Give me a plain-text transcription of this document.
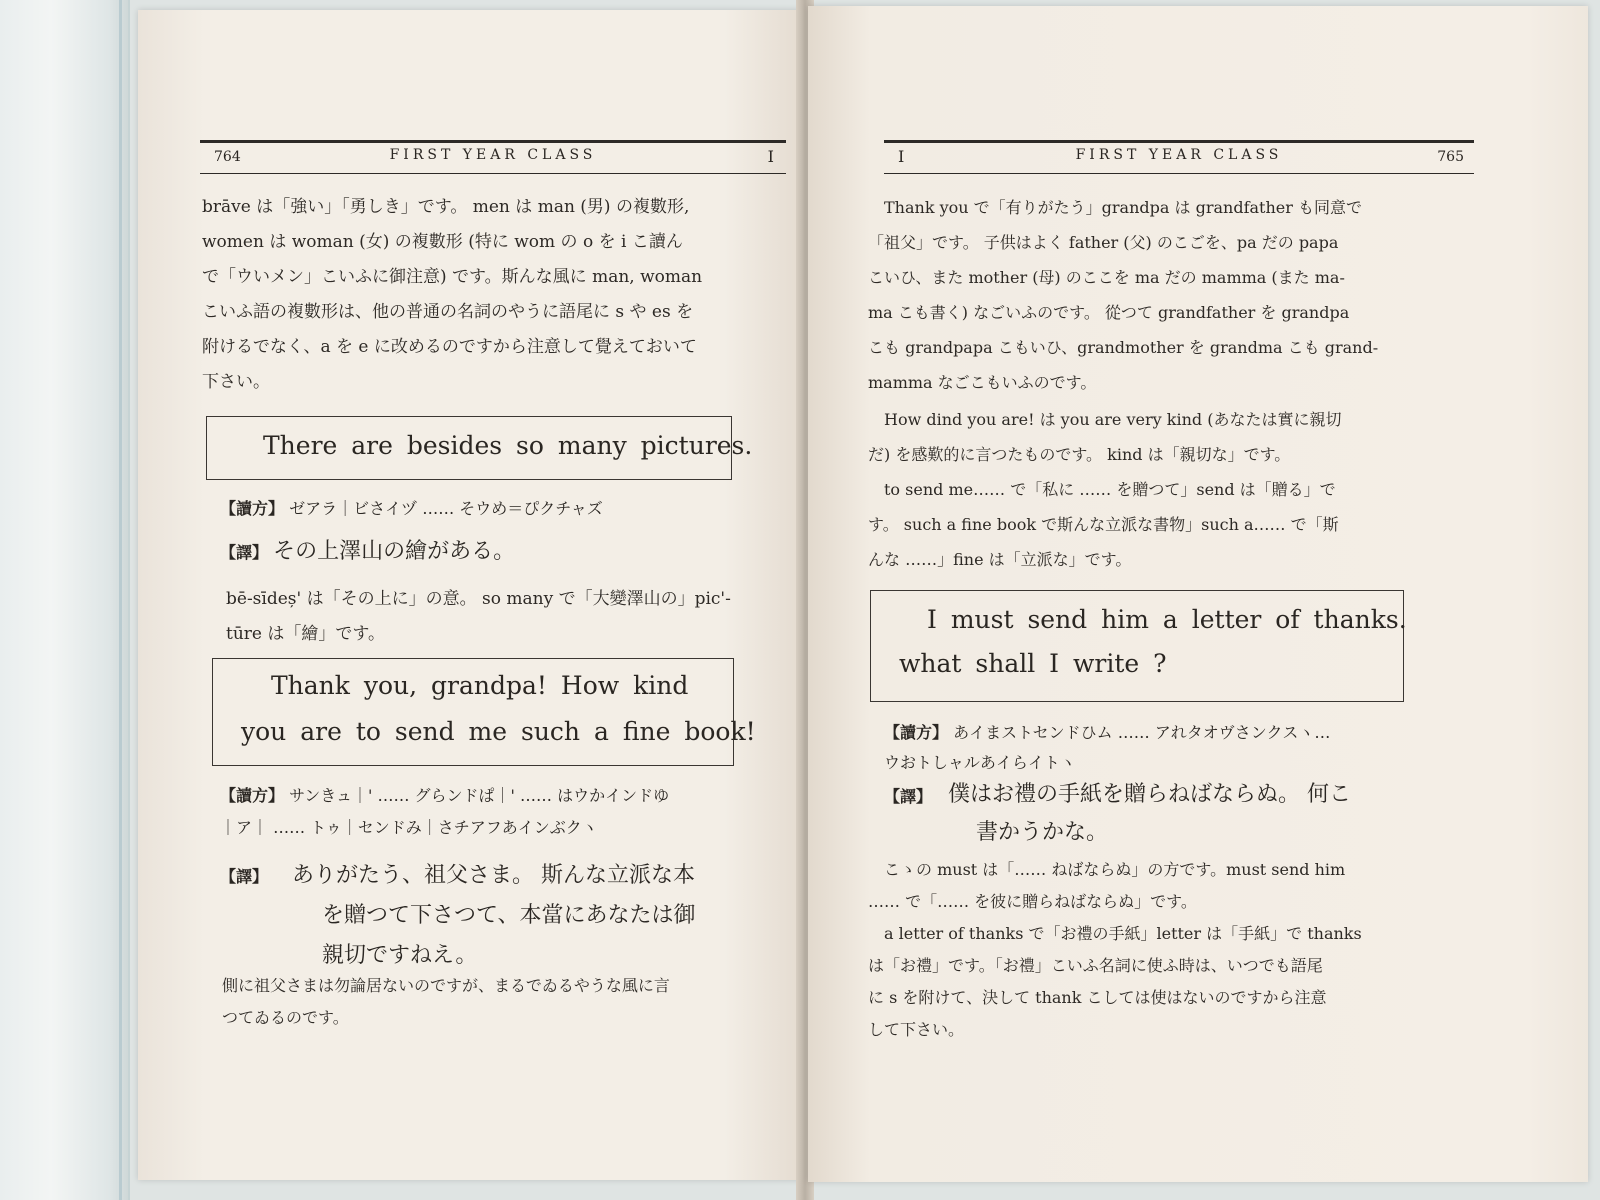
764	FIRST YEAR CLASS	I
brāve は「強い」「勇しき」です。 men は man (男) の複數形,
women は woman (女) の複數形 (特に wom の o を i こ讀ん
で「ウいメン」こいふに御注意) です。斯んな風に man, woman
こいふ語の複數形は、他の普通の名詞のやうに語尾に s や es を
附けるでなく、a を e に改めるのですから注意して覺えておいて
下さい。
There are besides so many pictures.
【讀方】 ゼアラ｜ビさイヅ …… そウめ＝ぴクチャズ
【譯】 その上澤山の繪がある。
bē-sīdeș' は「その上に」の意。 so many で「大變澤山の」pic'-
tūre は「繪」です。
Thank you, grandpa! How kind
you are to send me such a fine book!
【讀方】 サンきュ｜' …… グらンドぱ｜' …… はウかインドゆ
｜ア｜ …… トゥ｜センドみ｜さチアフあインぶクヽ
【譯】 ありがたう、祖父さま。 斯んな立派な本
を贈つて下さつて、本當にあなたは御
親切ですねえ。
側に祖父さまは勿論居ないのですが、まるでゐるやうな風に言
つてゐるのです。
I	FIRST YEAR CLASS	765
Thank you で「有りがたう」grandpa は grandfather も同意で
「祖父」です。 子供はよく father (父) のこごを、pa だの papa
こいひ、また mother (母) のここを ma だの mamma (また ma-
ma こも書く) なごいふのです。 從つて grandfather を grandpa
こも grandpapa こもいひ、grandmother を grandma こも grand-
mamma なごこもいふのです。
How dind you are! は you are very kind (あなたは實に親切
だ) を感歎的に言つたものです。 kind は「親切な」です。
to send me…… で「私に …… を贈つて」send は「贈る」で
す。 such a fine book で斯んな立派な書物」such a…… で「斯
んな ……」fine は「立派な」です。
I must send him a letter of thanks.
what shall I write ?
【讀方】 あイまストセンドひム …… アれタオヴさンクスヽ…
ウおトしャルあイらイトヽ
【譯】 僕はお禮の手紙を贈らねばならぬ。 何こ
書かうかな。
こゝの must は「…… ねばならぬ」の方です。must send him
…… で「…… を彼に贈らねばならぬ」です。
a letter of thanks で「お禮の手紙」letter は「手紙」で thanks
は「お禮」です。「お禮」こいふ名詞に使ふ時は、いつでも語尾
に s を附けて、決して thank こしては使はないのですから注意
して下さい。
